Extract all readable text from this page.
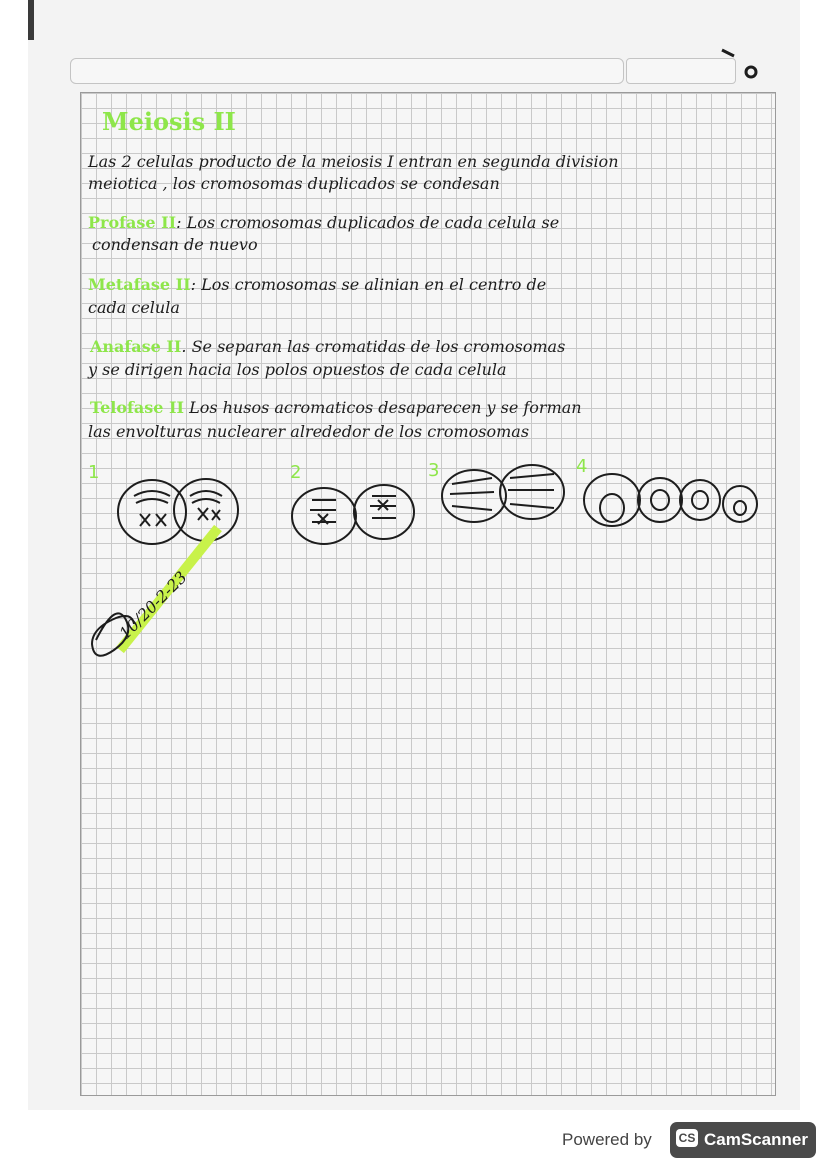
Meiosis II

Las 2 celulas producto de la meiosis I entran en segunda division

meiotica , los cromosomas duplicados se condesan

Profase II: Los cromosomas duplicados de cada celula se

condensan de nuevo

Metafase II: Los cromosomas se alinian en el centro de

cada celula

Anafase II. Se separan las cromatidas de los cromosomas

y se dirigen hacia los polos opuestos de cada celula

Telofase II Los husos acromaticos desaparecen y se forman

las envolturas nuclearer alrededor de los cromosomas

1	2	3	4
10/20-2-23
Powered by CS CamScanner
